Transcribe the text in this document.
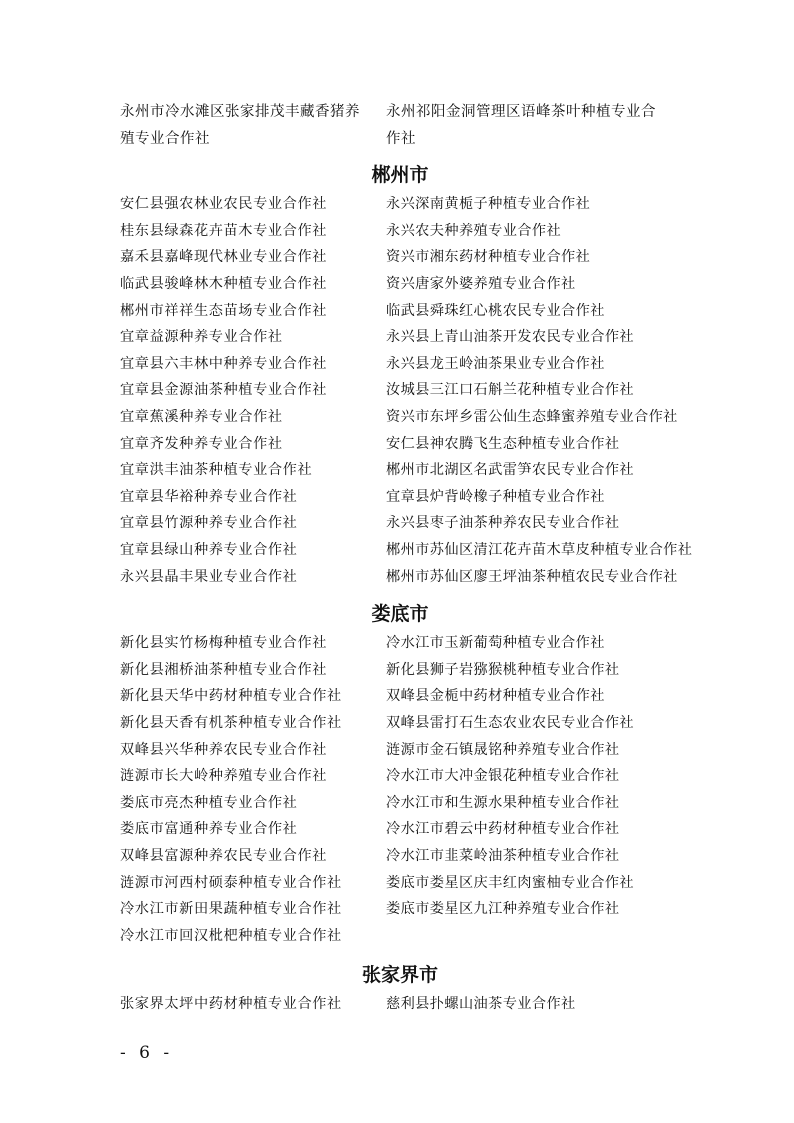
永州市冷水滩区张家排茂丰藏香猪养
殖专业合作社
永州祁阳金洞管理区语峰茶叶种植专业合
作社
郴州市
安仁县强农林业农民专业合作社	永兴深南黄栀子种植专业合作社
桂东县绿森花卉苗木专业合作社	永兴农夫种养殖专业合作社
嘉禾县嘉峰现代林业专业合作社	资兴市湘东药材种植专业合作社
临武县骏峰林木种植专业合作社	资兴唐家外婆养殖专业合作社
郴州市祥祥生态苗场专业合作社	临武县舜珠红心桃农民专业合作社
宜章益源种养专业合作社	永兴县上青山油茶开发农民专业合作社
宜章县六丰林中种养专业合作社	永兴县龙王岭油茶果业专业合作社
宜章县金源油茶种植专业合作社	汝城县三江口石斛兰花种植专业合作社
宜章蕉溪种养专业合作社	资兴市东坪乡雷公仙生态蜂蜜养殖专业合作社
宜章齐发种养专业合作社	安仁县神农腾飞生态种植专业合作社
宜章洪丰油茶种植专业合作社	郴州市北湖区名武雷笋农民专业合作社
宜章县华裕种养专业合作社	宜章县炉背岭橡子种植专业合作社
宜章县竹源种养专业合作社	永兴县枣子油茶种养农民专业合作社
宜章县绿山种养专业合作社	郴州市苏仙区清江花卉苗木草皮种植专业合作社
永兴县晶丰果业专业合作社	郴州市苏仙区廖王坪油茶种植农民专业合作社
娄底市
新化县实竹杨梅种植专业合作社	冷水江市玉新葡萄种植专业合作社
新化县湘桥油茶种植专业合作社	新化县狮子岩猕猴桃种植专业合作社
新化县天华中药材种植专业合作社	双峰县金栀中药材种植专业合作社
新化县天香有机茶种植专业合作社	双峰县雷打石生态农业农民专业合作社
双峰县兴华种养农民专业合作社	涟源市金石镇晟铭种养殖专业合作社
涟源市长大岭种养殖专业合作社	冷水江市大冲金银花种植专业合作社
娄底市亮杰种植专业合作社	冷水江市和生源水果种植专业合作社
娄底市富通种养专业合作社	冷水江市碧云中药材种植专业合作社
双峰县富源种养农民专业合作社	冷水江市韭菜岭油茶种植专业合作社
涟源市河西村硕泰种植专业合作社	娄底市娄星区庆丰红肉蜜柚专业合作社
冷水江市新田果蔬种植专业合作社	娄底市娄星区九江种养殖专业合作社
冷水江市回汉枇杷种植专业合作社
张家界市
张家界太坪中药材种植专业合作社	慈利县扑螺山油茶专业合作社
- 6 -
